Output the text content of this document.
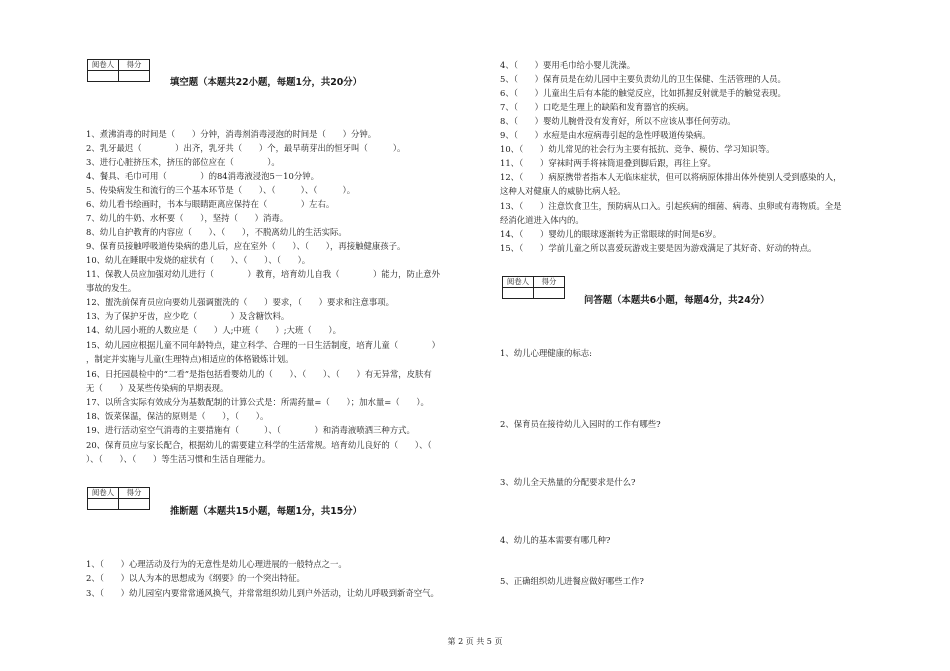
阅卷人	得分

填空题（本题共22小题，每题1分，共20分）
1、煮沸消毒的时间是（　　）分钟，消毒剂消毒浸泡的时间是（　　）分钟。
2、乳牙最迟（　　　　）出齐，乳牙共（　　）个，最早萌芽出的恒牙叫（　　　）。
3、进行心脏挤压术，挤压的部位应在（　　　　）。
4、餐具、毛巾可用（　　　　）的84消毒液浸泡5－10分钟。
5、传染病发生和流行的三个基本环节是（　　）、（　　　）、（　　　）。
6、幼儿看书绘画时，书本与眼睛距离应保持在（　　　　）左右。
7、幼儿的牛奶、水杯要（　　），坚持（　　）消毒。
8、幼儿自护教育的内容应（　　）、（　　），不脱离幼儿的生活实际。
9、保育员接触呼吸道传染病的患儿后，应在室外（　　）、（　　），再接触健康孩子。
10、幼儿在睡眠中发烧的症状有（　　）、（　　）、（　　）。
11、保教人员应加强对幼儿进行（　　　　）教育，培育幼儿自我（　　　　）能力，防止意外
事故的发生。
12、盥洗前保育员应向要幼儿强调盥洗的（　　）要求，（　　）要求和注意事项。
13、为了保护牙齿，应少吃（　　　　）及含糖饮料。
14、幼儿园小班的人数应是（　　）人;中班（　　）;大班（　　）。
15、幼儿园应根据儿童不同年龄特点，建立科学、合理的一日生活制度，培育儿童（　　　　）
，制定并实施与儿童(生理特点)相适应的体格锻炼计划。
16、日托园晨检中的“二看”是指包括看婴幼儿的（　　）、（　　）、（　　）有无异常，皮肤有
无（　　）及某些传染病的早期表现。
17、以所含实际有效成分为基数配制的计算公式是：所需药量=（　　）；加水量=（　　）。
18、饭菜保温，保洁的原则是（　　），（　　）。
19、进行活动室空气消毒的主要措施有（　　　）、（　　　　）和消毒液喷洒三种方式。
20、保育员应与家长配合，根据幼儿的需要建立科学的生活常规。培育幼儿良好的（　　）、（　　
）、（　　）、（　　）等生活习惯和生活自理能力。
阅卷人	得分

推断题（本题共15小题，每题1分，共15分）
1、（　　）心理活动及行为的无意性是幼儿心理进展的一般特点之一。
2、（　　）以人为本的思想成为《纲要》的一个突出特征。
3、（　　）幼儿园室内要常常通风换气，并常常组织幼儿到户外活动，让幼儿呼吸到新奇空气。
4、（　　）要用毛巾给小婴儿洗澡。
5、（　　）保育员是在幼儿园中主要负责幼儿的卫生保健、生活管理的人员。
6、（　　）儿童出生后有本能的触觉反应，比如抓握反射就是手的触觉表现。
7、（　　）口吃是生理上的缺陷和发育器官的疾病。
8、（　　）婴幼儿腕骨没有发育好，所以不应该从事任何劳动。
9、（　　）水痘是由水痘病毒引起的急性呼吸道传染病。
10、（　　）幼儿常见的社会行为主要有抵抗、竞争、模仿、学习知识等。
11、（　　）穿袜时两手将袜筒退叠到脚后跟，再往上穿。
12、（　　）病原携带者指本人无临床症状，但可以将病原体排出体外使别人受到感染的人，
这种人对健康人的威胁比病人轻。
13、（　　）注意饮食卫生，预防病从口入。引起疾病的细菌、病毒、虫卵或有毒物质。全是
经消化道进入体内的。
14、（　　）婴幼儿的眼球逐渐转为正常眼球的时间是6岁。
15、（　　）学前儿童之所以喜爱玩游戏主要是因为游戏满足了其好奇、好动的特点。
阅卷人	得分

问答题（本题共6小题，每题4分，共24分）
1、幼儿心理健康的标志:
2、保育员在接待幼儿入园时的工作有哪些?
3、幼儿全天热量的分配要求是什么?
4、幼儿的基本需要有哪几种?
5、正确组织幼儿进餐应做好哪些工作?
第 2 页 共 5 页
